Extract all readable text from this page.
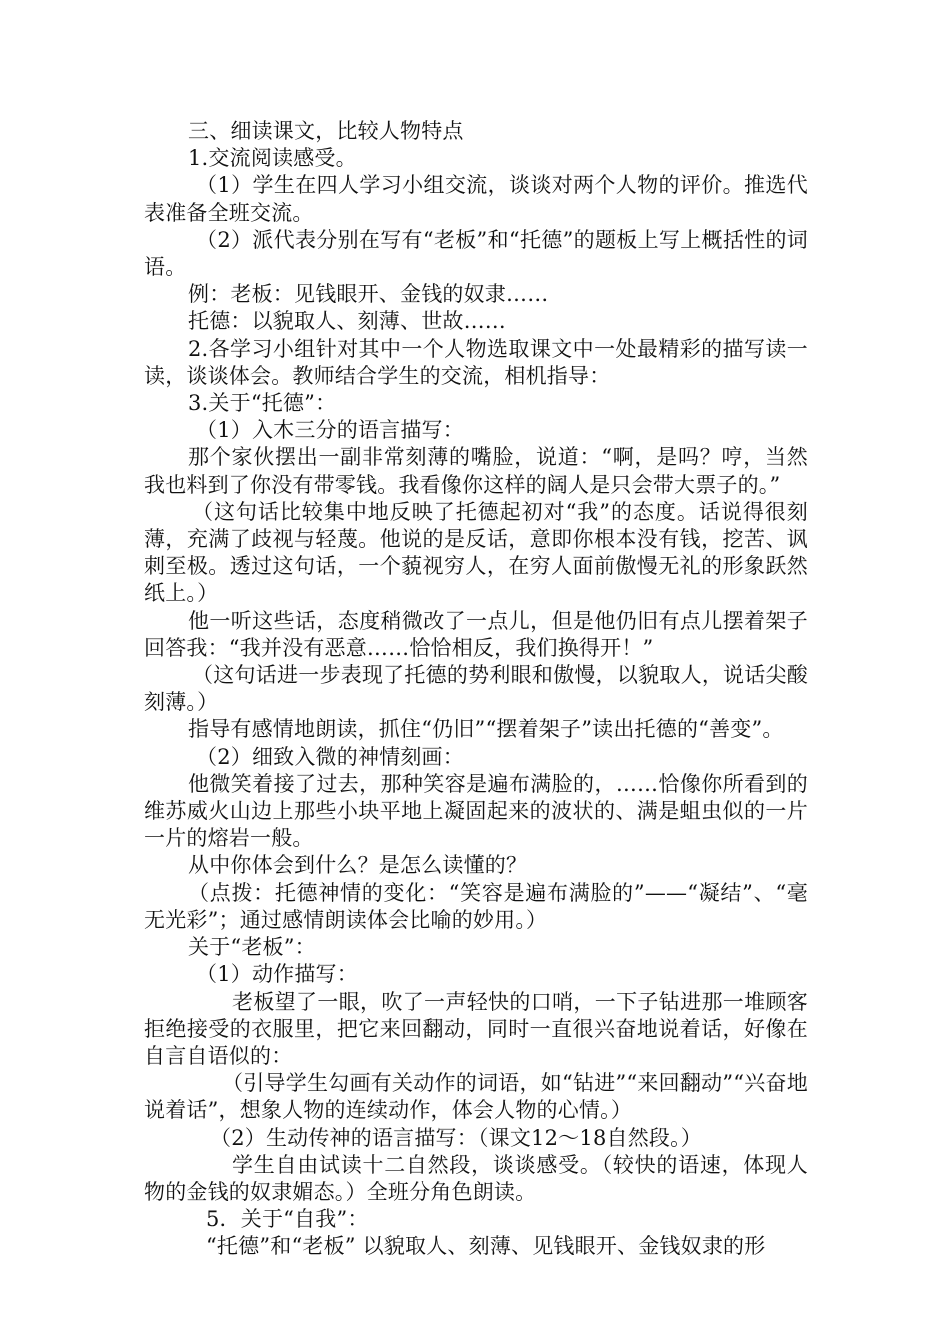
三、细读课文，比较人物特点

1.交流阅读感受。

（1）学生在四人学习小组交流，谈谈对两个人物的评价。推选代表准备全班交流。

（2）派代表分别在写有“老板”和“托德”的题板上写上概括性的词语。

例：老板：见钱眼开、金钱的奴隶……

托德：以貌取人、刻薄、世故……

2.各学习小组针对其中一个人物选取课文中一处最精彩的描写读一读，谈谈体会。教师结合学生的交流，相机指导：

3.关于“托德”：

（1）入木三分的语言描写：

那个家伙摆出一副非常刻薄的嘴脸，说道：“啊，是吗？哼，当然我也料到了你没有带零钱。我看像你这样的阔人是只会带大票子的。”

（这句话比较集中地反映了托德起初对“我”的态度。话说得很刻薄，充满了歧视与轻蔑。他说的是反话，意即你根本没有钱，挖苦、讽刺至极。透过这句话，一个藐视穷人，在穷人面前傲慢无礼的形象跃然纸上。）

他一听这些话，态度稍微改了一点儿，但是他仍旧有点儿摆着架子回答我：“我并没有恶意……恰恰相反，我们换得开！”

（这句话进一步表现了托德的势利眼和傲慢，以貌取人，说话尖酸刻薄。）

指导有感情地朗读，抓住“仍旧”“摆着架子”读出托德的“善变”。

（2）细致入微的神情刻画：

他微笑着接了过去，那种笑容是遍布满脸的，……恰像你所看到的维苏威火山边上那些小块平地上凝固起来的波状的、满是蛆虫似的一片一片的熔岩一般。

从中你体会到什么？是怎么读懂的？

（点拨：托德神情的变化：“笑容是遍布满脸的”——“凝结”、“毫无光彩”；通过感情朗读体会比喻的妙用。）

关于“老板”：

（1）动作描写：

老板望了一眼，吹了一声轻快的口哨，一下子钻进那一堆顾客拒绝接受的衣服里，把它来回翻动，同时一直很兴奋地说着话，好像在自言自语似的：

（引导学生勾画有关动作的词语，如“钻进”“来回翻动”“兴奋地说着话”，想象人物的连续动作，体会人物的心情。）

（2）生动传神的语言描写：（课文12～18自然段。）

学生自由试读十二自然段，谈谈感受。（较快的语速，体现人物的金钱的奴隶媚态。）全班分角色朗读。

5．关于“自我”：

“托德”和“老板” 以貌取人、刻薄、见钱眼开、金钱奴隶的形
